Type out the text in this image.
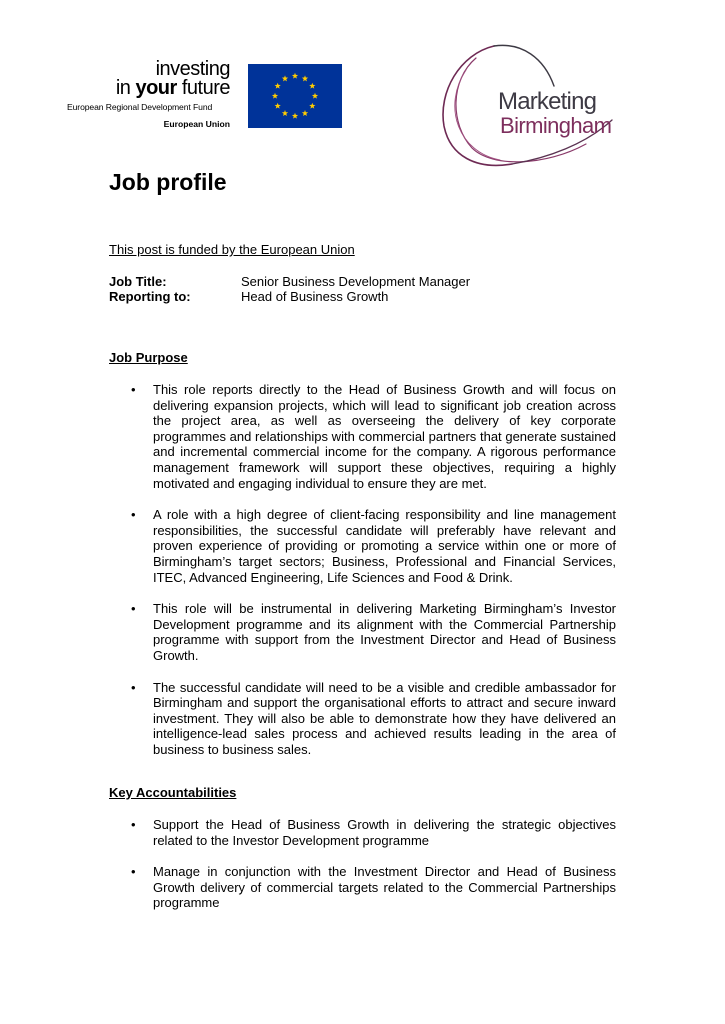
investing
in your future
European Regional Development Fund
European Union
Marketing
Birmingham
Job profile
This post is funded by the European Union
Job Title:	Senior Business Development Manager
Reporting to:	Head of Business Growth
Job Purpose
• This role reports directly to the Head of Business Growth and will focus on delivering expansion projects, which will lead to significant job creation across the project area, as well as overseeing the delivery of key corporate programmes and relationships with commercial partners that generate sustained and incremental commercial income for the company. A rigorous performance management framework will support these objectives, requiring a highly motivated and engaging individual to ensure they are met.
• A role with a high degree of client-facing responsibility and line management responsibilities, the successful candidate will preferably have relevant and proven experience of providing or promoting a service within one or more of Birmingham’s target sectors; Business, Professional and Financial Services, ITEC, Advanced Engineering, Life Sciences and Food & Drink.
• This role will be instrumental in delivering Marketing Birmingham’s Investor Development programme and its alignment with the Commercial Partnership programme with support from the Investment Director and Head of Business Growth.
• The successful candidate will need to be a visible and credible ambassador for Birmingham and support the organisational efforts to attract and secure inward investment. They will also be able to demonstrate how they have delivered an intelligence-lead sales process and achieved results leading in the area of business to business sales.
Key Accountabilities
• Support the Head of Business Growth in delivering the strategic objectives related to the Investor Development programme
• Manage in conjunction with the Investment Director and Head of Business Growth delivery of commercial targets related to the Commercial Partnerships programme
